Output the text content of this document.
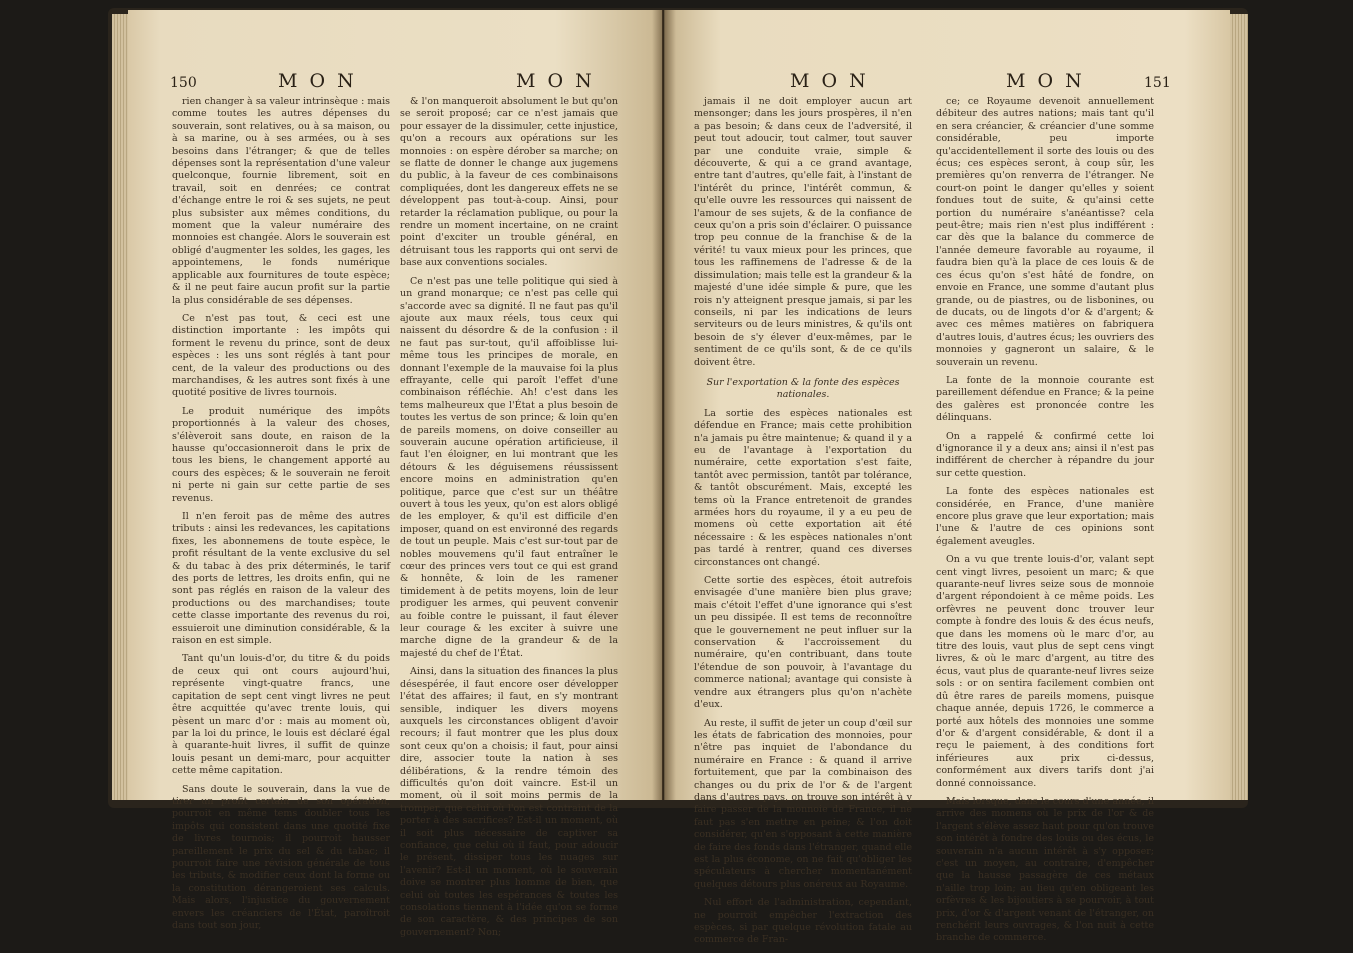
150	M O N	M O N

rien changer à sa valeur intrinsèque : mais comme toutes les autres dépenses du souverain, sont relatives, ou à sa maison, ou à sa marine, ou à ses armées, ou à ses besoins dans l'étranger; & que de telles dépenses sont la représentation d'une valeur quelconque, fournie librement, soit en travail, soit en denrées; ce contrat d'échange entre le roi & ses sujets, ne peut plus subsister aux mêmes conditions, du moment que la valeur numéraire des monnoies est changée. Alors le souverain est obligé d'augmenter les soldes, les gages, les appointemens, le fonds numérique applicable aux fournitures de toute espèce; & il ne peut faire aucun profit sur la partie la plus considérable de ses dépenses.

Ce n'est pas tout, & ceci est une distinction importante : les impôts qui forment le revenu du prince, sont de deux espèces : les uns sont réglés à tant pour cent, de la valeur des productions ou des marchandises, & les autres sont fixés à une quotité positive de livres tournois.

Le produit numérique des impôts proportionnés à la valeur des choses, s'élèveroit sans doute, en raison de la hausse qu'occasionneroit dans le prix de tous les biens, le changement apporté au cours des espèces; & le souverain ne feroit ni perte ni gain sur cette partie de ses revenus.

Il n'en feroit pas de même des autres tributs : ainsi les redevances, les capitations fixes, les abonnemens de toute espèce, le profit résultant de la vente exclusive du sel & du tabac à des prix déterminés, le tarif des ports de lettres, les droits enfin, qui ne sont pas réglés en raison de la valeur des productions ou des marchandises; toute cette classe importante des revenus du roi, essuieroit une diminution considérable, & la raison en est simple.

Tant qu'un louis-d'or, du titre & du poids de ceux qui ont cours aujourd'hui, représente vingt-quatre francs, une capitation de sept cent vingt livres ne peut être acquittée qu'avec trente louis, qui pèsent un marc d'or : mais au moment où, par la loi du prince, le louis est déclaré égal à quarante-huit livres, il suffit de quinze louis pesant un demi-marc, pour acquitter cette même capitation.

Sans doute le souverain, dans la vue de tirer un profit certain de son opération, pourroit en même tems doubler tous les impôts qui consistent dans une quotité fixe de livres tournois; il pourroit hausser pareillement le prix du sel & du tabac; il pourroit faire une révision générale de tous les tributs, & modifier ceux dont la forme ou la constitution dérangeroient ses calculs. Mais alors, l'injustice du gouvernement envers les créanciers de l'État, paroîtroit dans tout son jour,

& l'on manqueroit absolument le but qu'on se seroit proposé; car ce n'est jamais que pour essayer de la dissimuler, cette injustice, qu'on a recours aux opérations sur les monnoies : on espère dérober sa marche; on se flatte de donner le change aux jugemens du public, à la faveur de ces combinaisons compliquées, dont les dangereux effets ne se développent pas tout-à-coup. Ainsi, pour retarder la réclamation publique, ou pour la rendre un moment incertaine, on ne craint point d'exciter un trouble général, en détruisant tous les rapports qui ont servi de base aux conventions sociales.

Ce n'est pas une telle politique qui sied à un grand monarque; ce n'est pas celle qui s'accorde avec sa dignité. Il ne faut pas qu'il ajoute aux maux réels, tous ceux qui naissent du désordre & de la confusion : il ne faut pas sur-tout, qu'il affoiblisse lui-même tous les principes de morale, en donnant l'exemple de la mauvaise foi la plus effrayante, celle qui paroît l'effet d'une combinaison réfléchie. Ah! c'est dans les tems malheureux que l'État a plus besoin de toutes les vertus de son prince; & loin qu'en de pareils momens, on doive conseiller au souverain aucune opération artificieuse, il faut l'en éloigner, en lui montrant que les détours & les déguisemens réussissent encore moins en administration qu'en politique, parce que c'est sur un théâtre ouvert à tous les yeux, qu'on est alors obligé de les employer, & qu'il est difficile d'en imposer, quand on est environné des regards de tout un peuple. Mais c'est sur-tout par de nobles mouvemens qu'il faut entraîner le cœur des princes vers tout ce qui est grand & honnête, & loin de les ramener timidement à de petits moyens, loin de leur prodiguer les armes, qui peuvent convenir au foible contre le puissant, il faut élever leur courage & les exciter à suivre une marche digne de la grandeur & de la majesté du chef de l'État.

Ainsi, dans la situation des finances la plus désespérée, il faut encore oser développer l'état des affaires; il faut, en s'y montrant sensible, indiquer les divers moyens auxquels les circonstances obligent d'avoir recours; il faut montrer que les plus doux sont ceux qu'on a choisis; il faut, pour ainsi dire, associer toute la nation à ses délibérations, & la rendre témoin des difficultés qu'on doit vaincre. Est-il un moment, où il soit moins permis de la tromper, que celui où l'on est contraint de la porter à des sacrifices? Est-il un moment, où il soit plus nécessaire de captiver sa confiance, que celui où il faut, pour adoucir le présent, dissiper tous les nuages sur l'avenir? Est-il un moment, où le souverain doive se montrer plus homme de bien, que celui où toutes les espérances & toutes les consolations tiennent à l'idée qu'on se forme de son caractère, & des principes de son gouvernement? Non;

M O N	M O N	151

jamais il ne doit employer aucun art mensonger; dans les jours prospères, il n'en a pas besoin; & dans ceux de l'adversité, il peut tout adoucir, tout calmer, tout sauver par une conduite vraie, simple & découverte, & qui a ce grand avantage, entre tant d'autres, qu'elle fait, à l'instant de l'intérêt du prince, l'intérêt commun, & qu'elle ouvre les ressources qui naissent de l'amour de ses sujets, & de la confiance de ceux qu'on a pris soin d'éclairer. O puissance trop peu connue de la franchise & de la vérité! tu vaux mieux pour les princes, que tous les raffinemens de l'adresse & de la dissimulation; mais telle est la grandeur & la majesté d'une idée simple & pure, que les rois n'y atteignent presque jamais, si par les conseils, ni par les indications de leurs serviteurs ou de leurs ministres, & qu'ils ont besoin de s'y élever d'eux-mêmes, par le sentiment de ce qu'ils sont, & de ce qu'ils doivent être.

Sur l'exportation & la fonte des espèces nationales.

La sortie des espèces nationales est défendue en France; mais cette prohibition n'a jamais pu être maintenue; & quand il y a eu de l'avantage à l'exportation du numéraire, cette exportation s'est faite, tantôt avec permission, tantôt par tolérance, & tantôt obscurément. Mais, excepté les tems où la France entretenoit de grandes armées hors du royaume, il y a eu peu de momens où cette exportation ait été nécessaire : & les espèces nationales n'ont pas tardé à rentrer, quand ces diverses circonstances ont changé.

Cette sortie des espèces, étoit autrefois envisagée d'une manière bien plus grave; mais c'étoit l'effet d'une ignorance qui s'est un peu dissipée. Il est tems de reconnoître que le gouvernement ne peut influer sur la conservation & l'accroissement du numéraire, qu'en contribuant, dans toute l'étendue de son pouvoir, à l'avantage du commerce national; avantage qui consiste à vendre aux étrangers plus qu'on n'achète d'eux.

Au reste, il suffit de jeter un coup d'œil sur les états de fabrication des monnoies, pour n'être pas inquiet de l'abondance du numéraire en France : & quand il arrive fortuitement, que par la combinaison des changes ou du prix de l'or & de l'argent dans d'autres pays, on trouve son intérêt à y faire passer de la monnoie de France, il ne faut pas s'en mettre en peine; & l'on doit considérer, qu'en s'opposant à cette manière de faire des fonds dans l'étranger, quand elle est la plus économe, on ne fait qu'obliger les spéculateurs à chercher momentanément quelques détours plus onéreux au Royaume.

Nul effort de l'administration, cependant, ne pourroit empêcher l'extraction des espèces, si par quelque révolution fatale au commerce de Fran-

ce; ce Royaume devenoit annuellement débiteur des autres nations; mais tant qu'il en sera créancier, & créancier d'une somme considérable, peu importe qu'accidentellement il sorte des louis ou des écus; ces espèces seront, à coup sûr, les premières qu'on renverra de l'étranger. Ne court-on point le danger qu'elles y soient fondues tout de suite, & qu'ainsi cette portion du numéraire s'anéantisse? cela peut-être; mais rien n'est plus indifférent : car dès que la balance du commerce de l'année demeure favorable au royaume, il faudra bien qu'à la place de ces louis & de ces écus qu'on s'est hâté de fondre, on envoie en France, une somme d'autant plus grande, ou de piastres, ou de lisbonines, ou de ducats, ou de lingots d'or & d'argent; & avec ces mêmes matières on fabriquera d'autres louis, d'autres écus; les ouvriers des monnoies y gagneront un salaire, & le souverain un revenu.

La fonte de la monnoie courante est pareillement défendue en France; & la peine des galères est prononcée contre les délinquans.

On a rappelé & confirmé cette loi d'ignorance il y a deux ans; ainsi il n'est pas indifférent de chercher à répandre du jour sur cette question.

La fonte des espèces nationales est considérée, en France, d'une manière encore plus grave que leur exportation; mais l'une & l'autre de ces opinions sont également aveugles.

On a vu que trente louis-d'or, valant sept cent vingt livres, pesoient un marc; & que quarante-neuf livres seize sous de monnoie d'argent répondoient à ce même poids. Les orfèvres ne peuvent donc trouver leur compte à fondre des louis & des écus neufs, que dans les momens où le marc d'or, au titre des louis, vaut plus de sept cens vingt livres, & où le marc d'argent, au titre des écus, vaut plus de quarante-neuf livres seize sols : or on sentira facilement combien ont dû être rares de pareils momens, puisque chaque année, depuis 1726, le commerce a porté aux hôtels des monnoies une somme d'or & d'argent considérable, & dont il a reçu le paiement, à des conditions fort inférieures aux prix ci-dessus, conformément aux divers tarifs dont j'ai donné connoissance.

Mais lorsque, dans le cours d'une année, il arrive des momens où le prix de l'or & de l'argent s'élève assez haut pour qu'on trouve son intérêt à fondre des louis ou des écus, le souverain n'a aucun intérêt à s'y opposer; c'est un moyen, au contraire, d'empêcher que la hausse passagère de ces métaux n'aille trop loin; au lieu qu'en obligeant les orfèvres & les bijoutiers à se pourvoir, à tout prix, d'or & d'argent venant de l'étranger, on renchérit leurs ouvrages, & l'on nuit à cette branche de commerce.
